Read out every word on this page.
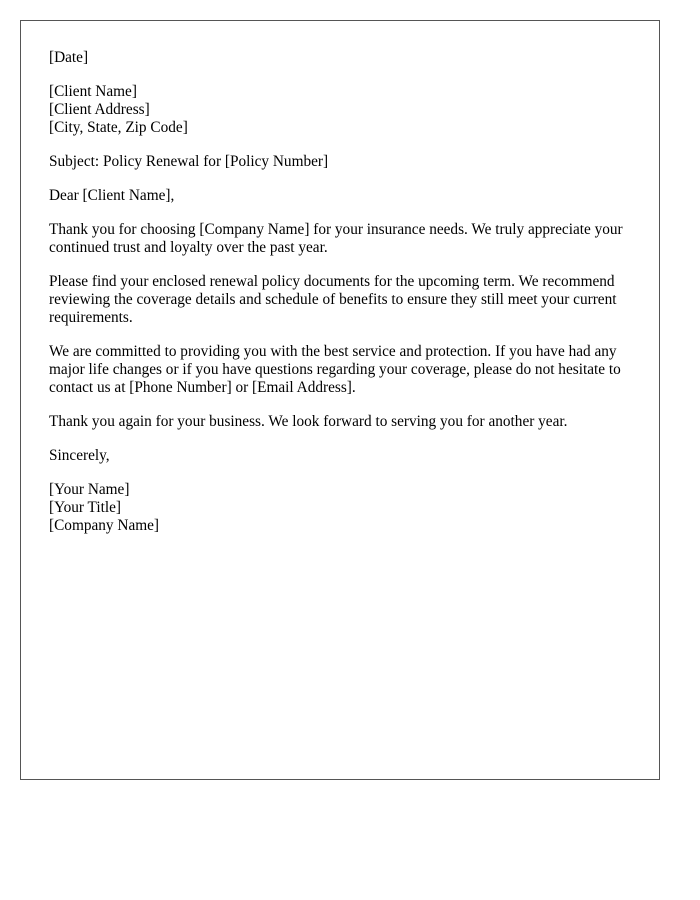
[Date]
[Client Name]
[Client Address]
[City, State, Zip Code]
Subject: Policy Renewal for [Policy Number]
Dear [Client Name],

Thank you for choosing [Company Name] for your insurance needs. We truly appreciate your continued trust and loyalty over the past year.

Please find your enclosed renewal policy documents for the upcoming term. We recommend reviewing the coverage details and schedule of benefits to ensure they still meet your current requirements.

We are committed to providing you with the best service and protection. If you have had any major life changes or if you have questions regarding your coverage, please do not hesitate to contact us at [Phone Number] or [Email Address].

Thank you again for your business. We look forward to serving you for another year.

Sincerely,
[Your Name]
[Your Title]
[Company Name]
